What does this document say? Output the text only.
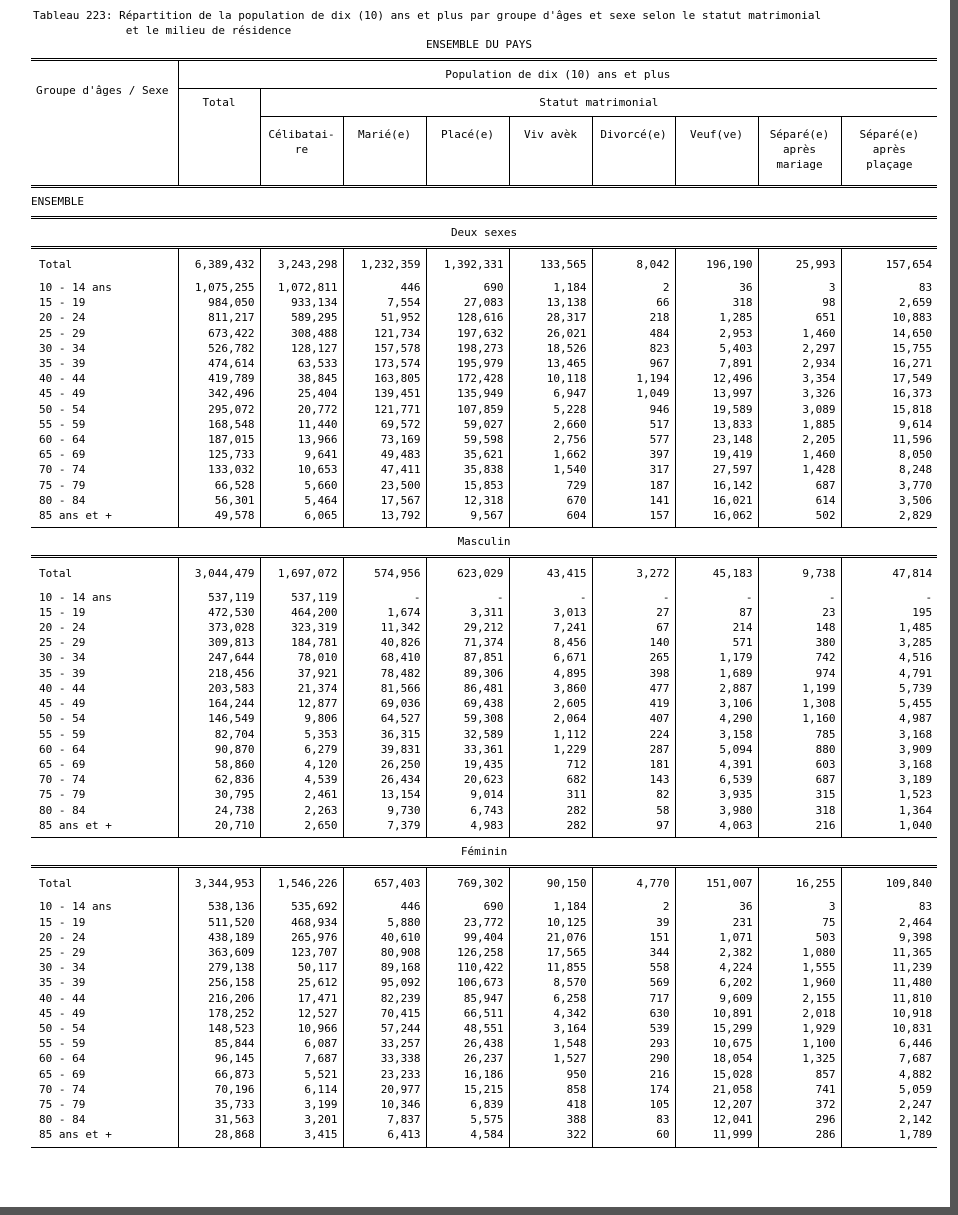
Tableau 223: Répartition de la population de dix (10) ans et plus par groupe d'âges et sexe selon le statut matrimonial
et le milieu de résidence
ENSEMBLE DU PAYS
Groupe d'âges / Sexe	Population de dix (10) ans et plus								
	Total	Statut matrimonial							
		Célibatai- re	Marié(e)	Placé(e)	Viv avèk	Divorcé(e)	Veuf(ve)	Séparé(e) après mariage	Séparé(e) après plaçage
ENSEMBLE									
Deux sexes									

Total	6,389,432	3,243,298	1,232,359	1,392,331	133,565	8,042	196,190	25,993	157,654

10 - 14 ans	1,075,255	1,072,811	446	690	1,184	2	36	3	83
15 - 19	984,050	933,134	7,554	27,083	13,138	66	318	98	2,659
20 - 24	811,217	589,295	51,952	128,616	28,317	218	1,285	651	10,883
25 - 29	673,422	308,488	121,734	197,632	26,021	484	2,953	1,460	14,650
30 - 34	526,782	128,127	157,578	198,273	18,526	823	5,403	2,297	15,755
35 - 39	474,614	63,533	173,574	195,979	13,465	967	7,891	2,934	16,271
40 - 44	419,789	38,845	163,805	172,428	10,118	1,194	12,496	3,354	17,549
45 - 49	342,496	25,404	139,451	135,949	6,947	1,049	13,997	3,326	16,373
50 - 54	295,072	20,772	121,771	107,859	5,228	946	19,589	3,089	15,818
55 - 59	168,548	11,440	69,572	59,027	2,660	517	13,833	1,885	9,614
60 - 64	187,015	13,966	73,169	59,598	2,756	577	23,148	2,205	11,596
65 - 69	125,733	9,641	49,483	35,621	1,662	397	19,419	1,460	8,050
70 - 74	133,032	10,653	47,411	35,838	1,540	317	27,597	1,428	8,248
75 - 79	66,528	5,660	23,500	15,853	729	187	16,142	687	3,770
80 - 84	56,301	5,464	17,567	12,318	670	141	16,021	614	3,506
85 ans et +	49,578	6,065	13,792	9,567	604	157	16,062	502	2,829
Masculin									

Total	3,044,479	1,697,072	574,956	623,029	43,415	3,272	45,183	9,738	47,814

10 - 14 ans	537,119	537,119	-	-	-	-	-	-	-
15 - 19	472,530	464,200	1,674	3,311	3,013	27	87	23	195
20 - 24	373,028	323,319	11,342	29,212	7,241	67	214	148	1,485
25 - 29	309,813	184,781	40,826	71,374	8,456	140	571	380	3,285
30 - 34	247,644	78,010	68,410	87,851	6,671	265	1,179	742	4,516
35 - 39	218,456	37,921	78,482	89,306	4,895	398	1,689	974	4,791
40 - 44	203,583	21,374	81,566	86,481	3,860	477	2,887	1,199	5,739
45 - 49	164,244	12,877	69,036	69,438	2,605	419	3,106	1,308	5,455
50 - 54	146,549	9,806	64,527	59,308	2,064	407	4,290	1,160	4,987
55 - 59	82,704	5,353	36,315	32,589	1,112	224	3,158	785	3,168
60 - 64	90,870	6,279	39,831	33,361	1,229	287	5,094	880	3,909
65 - 69	58,860	4,120	26,250	19,435	712	181	4,391	603	3,168
70 - 74	62,836	4,539	26,434	20,623	682	143	6,539	687	3,189
75 - 79	30,795	2,461	13,154	9,014	311	82	3,935	315	1,523
80 - 84	24,738	2,263	9,730	6,743	282	58	3,980	318	1,364
85 ans et +	20,710	2,650	7,379	4,983	282	97	4,063	216	1,040
Féminin									

Total	3,344,953	1,546,226	657,403	769,302	90,150	4,770	151,007	16,255	109,840

10 - 14 ans	538,136	535,692	446	690	1,184	2	36	3	83
15 - 19	511,520	468,934	5,880	23,772	10,125	39	231	75	2,464
20 - 24	438,189	265,976	40,610	99,404	21,076	151	1,071	503	9,398
25 - 29	363,609	123,707	80,908	126,258	17,565	344	2,382	1,080	11,365
30 - 34	279,138	50,117	89,168	110,422	11,855	558	4,224	1,555	11,239
35 - 39	256,158	25,612	95,092	106,673	8,570	569	6,202	1,960	11,480
40 - 44	216,206	17,471	82,239	85,947	6,258	717	9,609	2,155	11,810
45 - 49	178,252	12,527	70,415	66,511	4,342	630	10,891	2,018	10,918
50 - 54	148,523	10,966	57,244	48,551	3,164	539	15,299	1,929	10,831
55 - 59	85,844	6,087	33,257	26,438	1,548	293	10,675	1,100	6,446
60 - 64	96,145	7,687	33,338	26,237	1,527	290	18,054	1,325	7,687
65 - 69	66,873	5,521	23,233	16,186	950	216	15,028	857	4,882
70 - 74	70,196	6,114	20,977	15,215	858	174	21,058	741	5,059
75 - 79	35,733	3,199	10,346	6,839	418	105	12,207	372	2,247
80 - 84	31,563	3,201	7,837	5,575	388	83	12,041	296	2,142
85 ans et +	28,868	3,415	6,413	4,584	322	60	11,999	286	1,789
